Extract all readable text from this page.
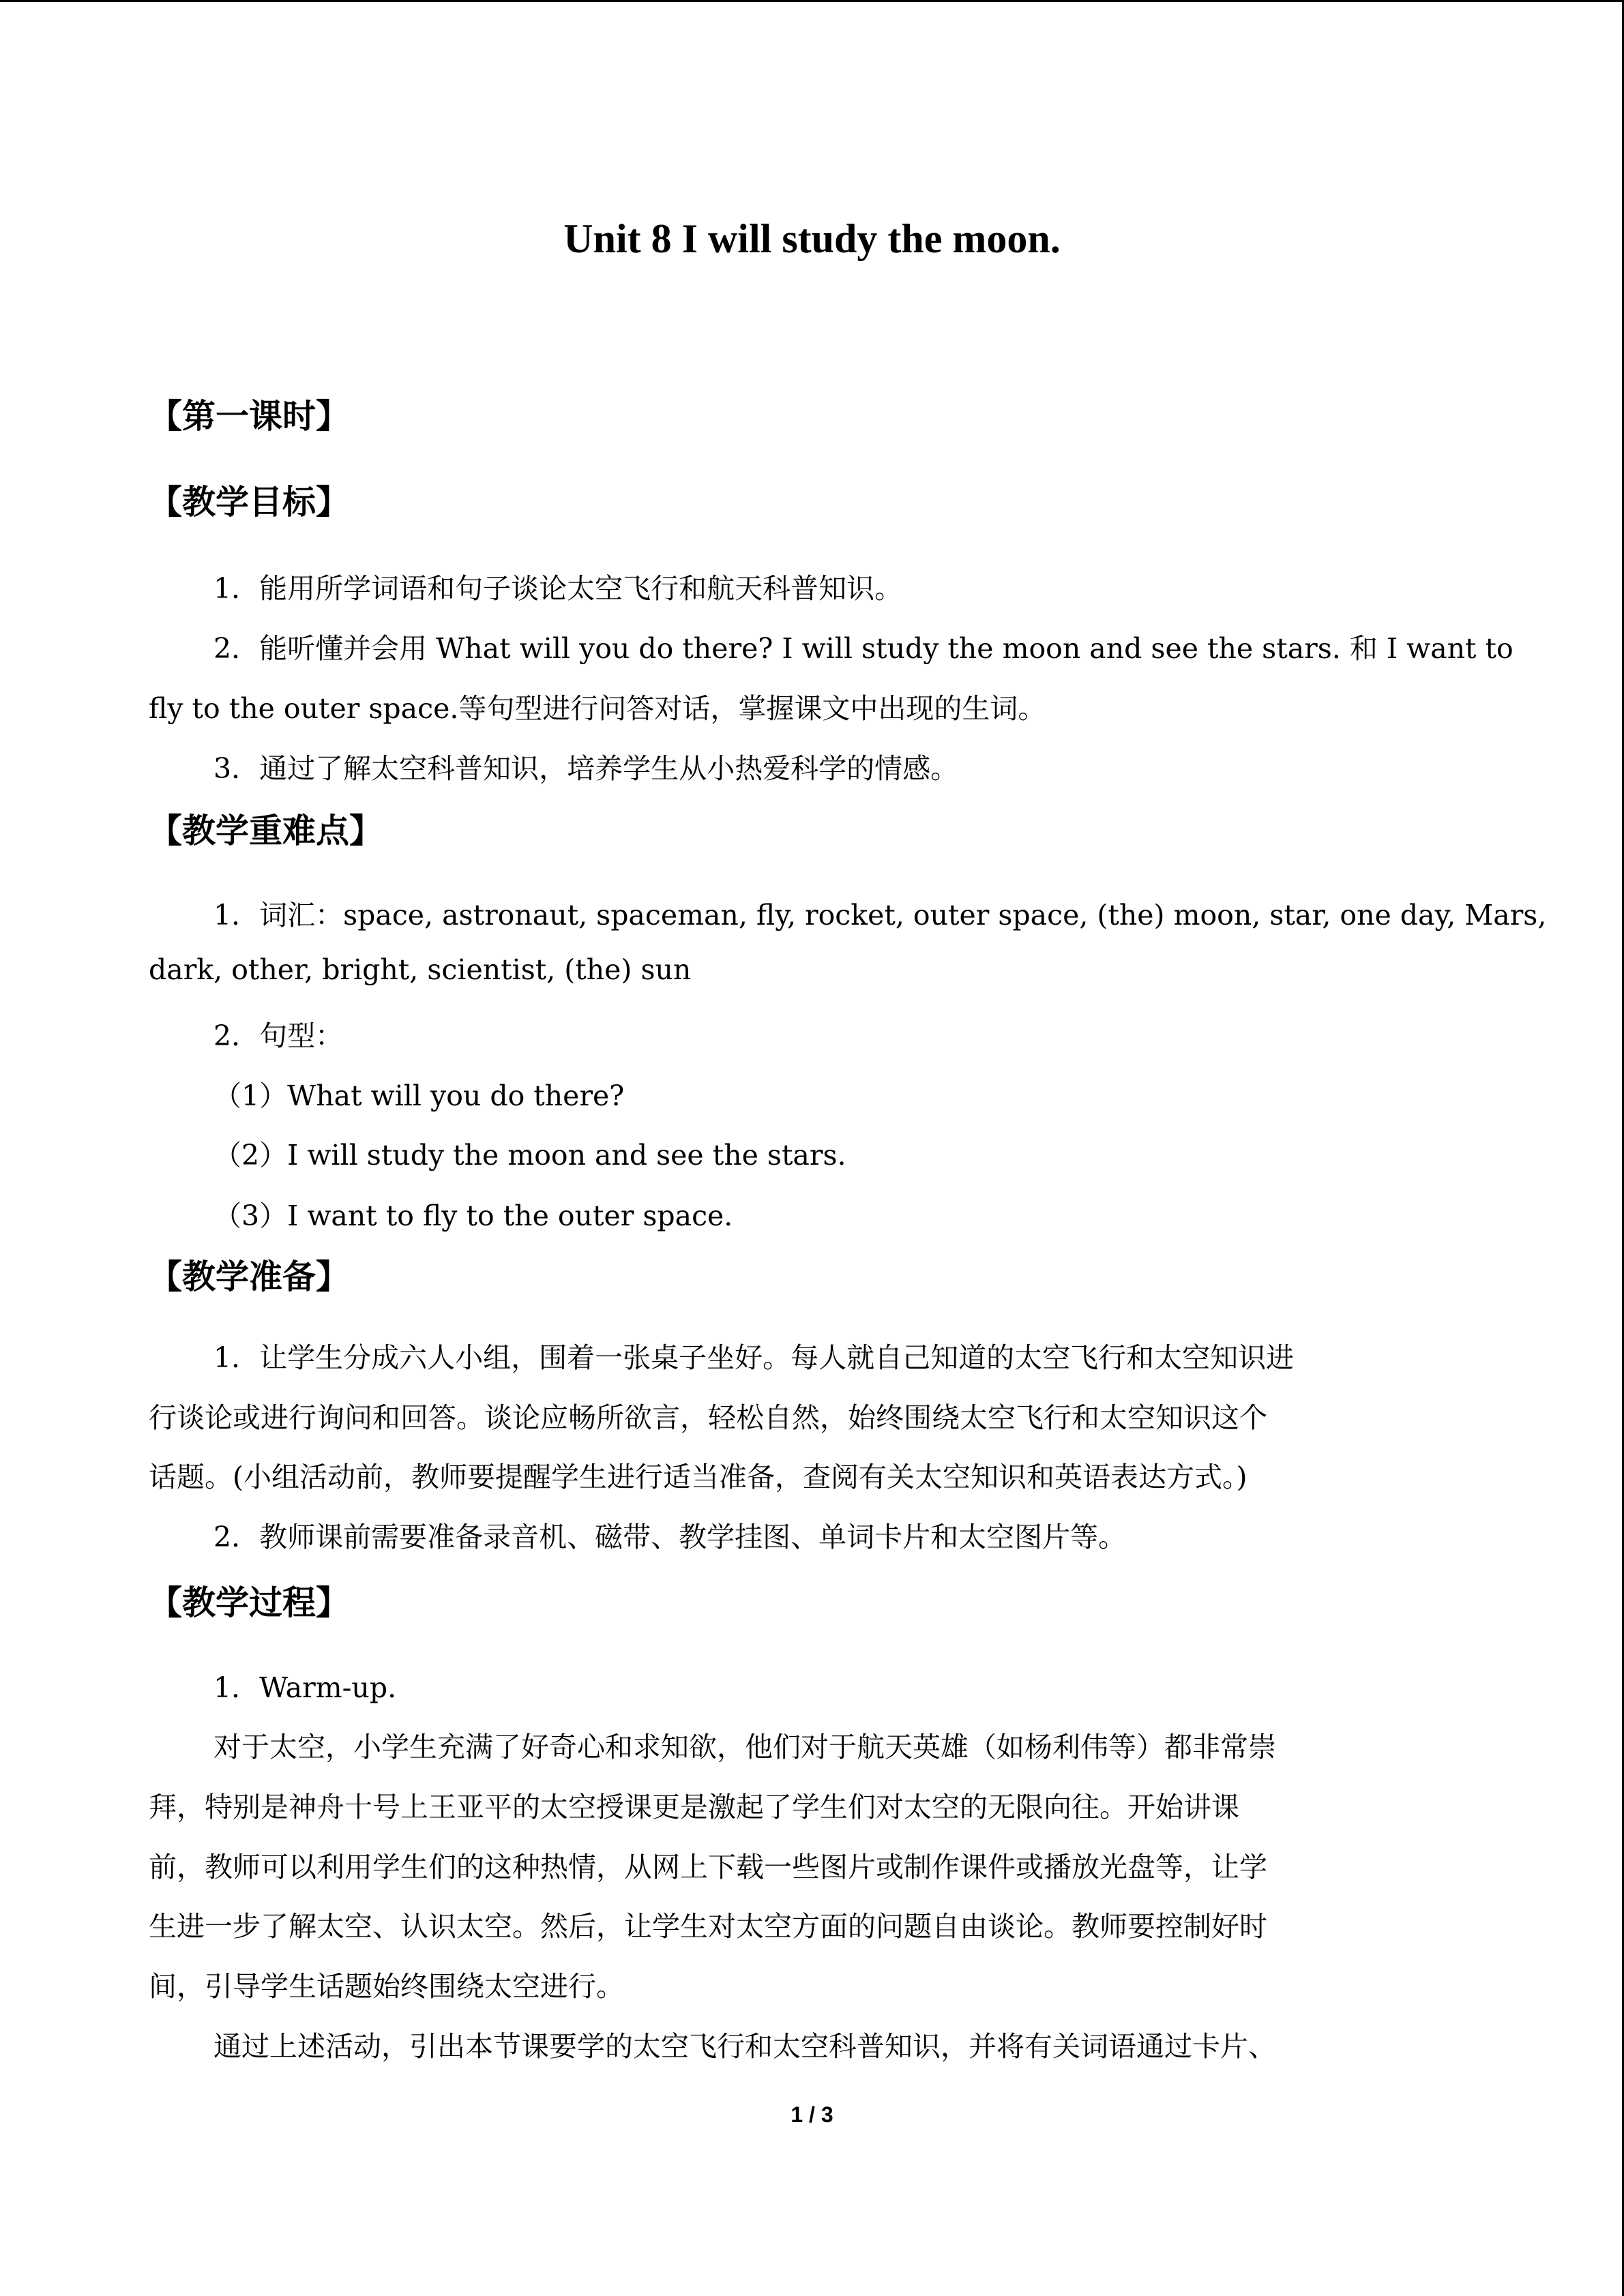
Unit 8 I will study the moon.
【第一课时】
【教学目标】
1．能用所学词语和句子谈论太空飞行和航天科普知识。
2．能听懂并会用 What will you do there? I will study the moon and see the stars. 和 I want to
fly to the outer space.等句型进行问答对话，掌握课文中出现的生词。
3．通过了解太空科普知识，培养学生从小热爱科学的情感。
【教学重难点】
1．词汇：space, astronaut, spaceman, fly, rocket, outer space, (the) moon, star, one day, Mars,
dark, other, bright, scientist, (the) sun
2．句型：
（1）What will you do there?
（2）I will study the moon and see the stars.
（3）I want to fly to the outer space.
【教学准备】
1．让学生分成六人小组，围着一张桌子坐好。每人就自己知道的太空飞行和太空知识进
行谈论或进行询问和回答。谈论应畅所欲言，轻松自然，始终围绕太空飞行和太空知识这个
话题。(小组活动前，教师要提醒学生进行适当准备，查阅有关太空知识和英语表达方式。)
2．教师课前需要准备录音机、磁带、教学挂图、单词卡片和太空图片等。
【教学过程】
1．Warm-up.
对于太空，小学生充满了好奇心和求知欲，他们对于航天英雄（如杨利伟等）都非常崇
拜，特别是神舟十号上王亚平的太空授课更是激起了学生们对太空的无限向往。开始讲课
前，教师可以利用学生们的这种热情，从网上下载一些图片或制作课件或播放光盘等，让学
生进一步了解太空、认识太空。然后，让学生对太空方面的问题自由谈论。教师要控制好时
间，引导学生话题始终围绕太空进行。
通过上述活动，引出本节课要学的太空飞行和太空科普知识，并将有关词语通过卡片、
1 / 3
